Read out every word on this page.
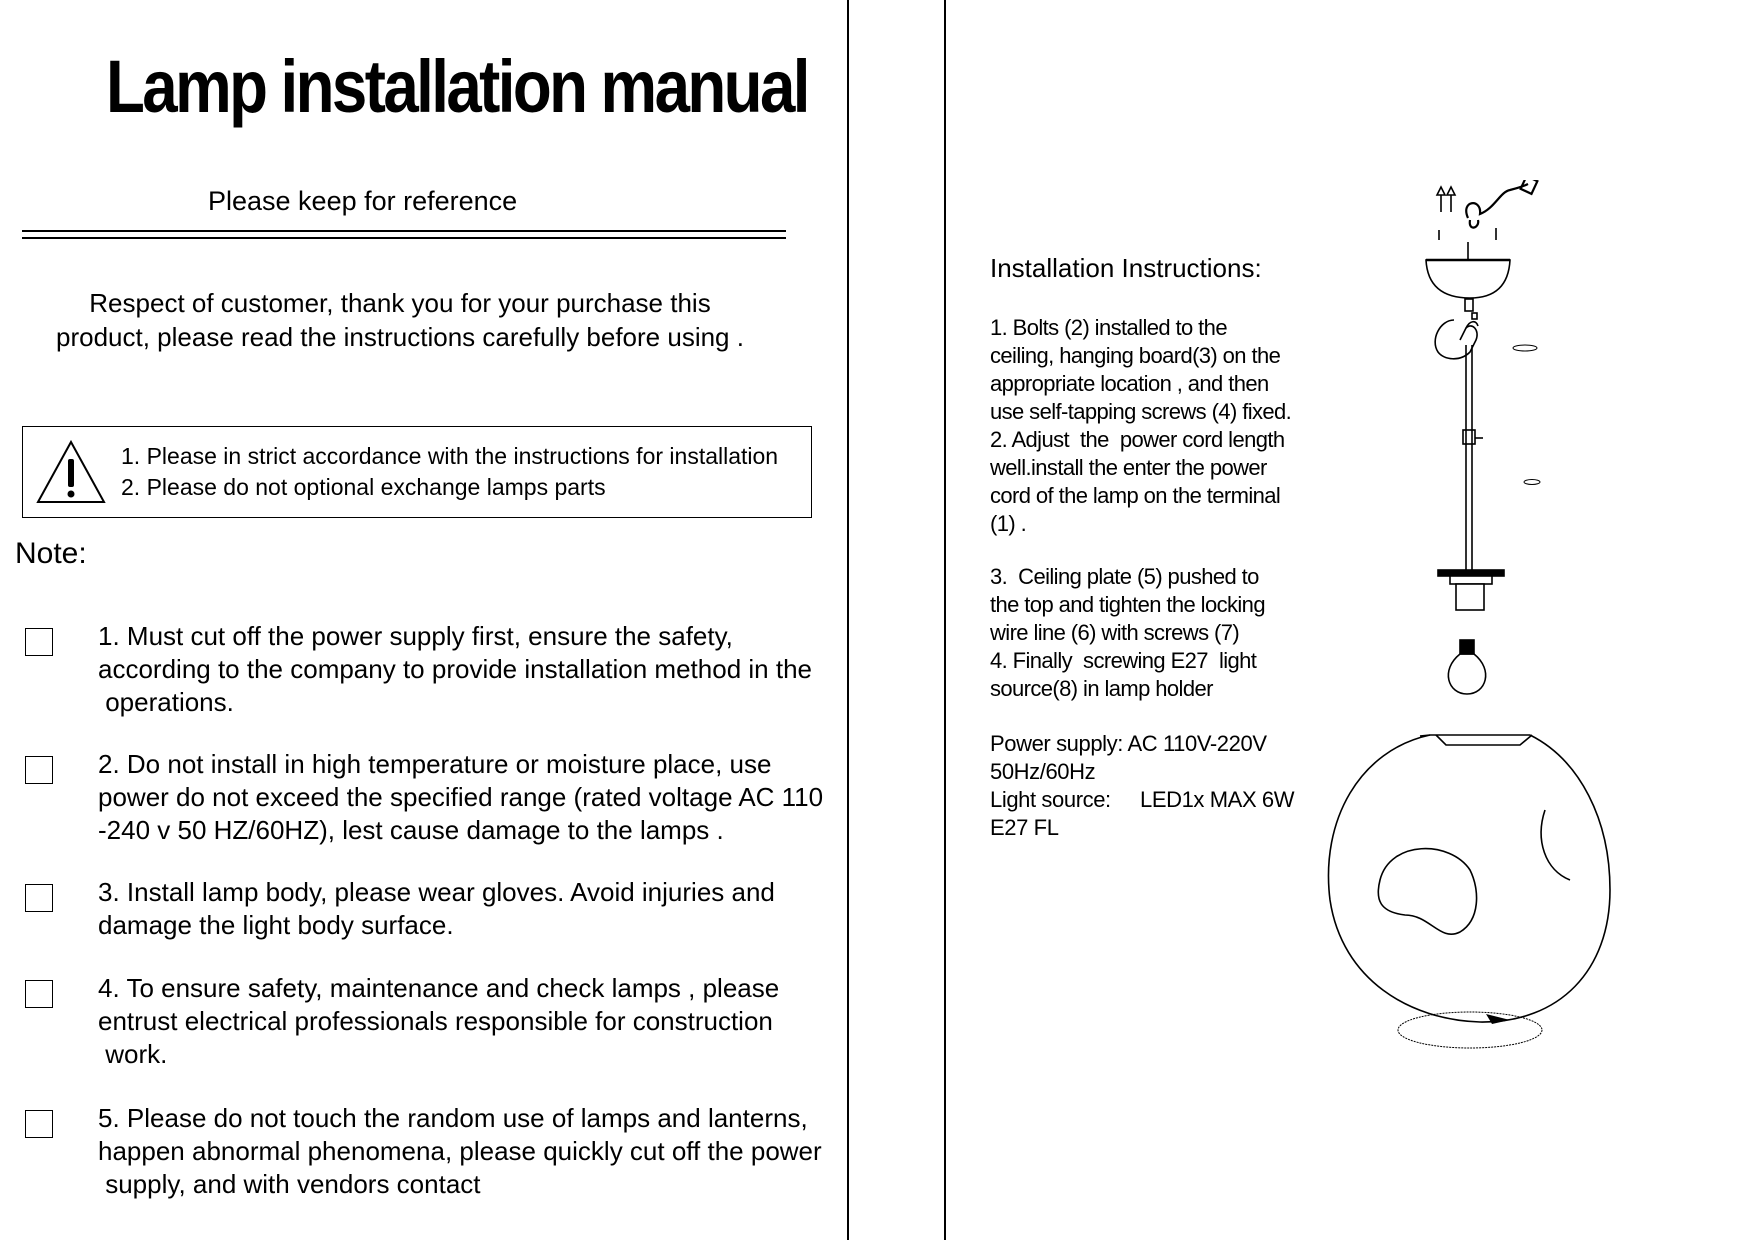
Lamp installation manual
Please keep for reference
Respect of customer, thank you for your purchase this
product, please read the instructions carefully before using .
1. Please in strict accordance with the instructions for installation
2. Please do not optional exchange lamps parts
Note:
1. Must cut off the power supply first, ensure the safety,
according to the company to provide installation method in the
operations.
2. Do not install in high temperature or moisture place, use
power do not exceed the specified range (rated voltage AC 110
-240 v 50 HZ/60HZ), lest cause damage to the lamps .
3. Install lamp body, please wear gloves. Avoid injuries and
damage the light body surface.
4. To ensure safety, maintenance and check lamps , please
entrust electrical professionals responsible for construction
work.
5. Please do not touch the random use of lamps and lanterns,
happen abnormal phenomena, please quickly cut off the power
supply, and with vendors contact
Installation Instructions:
1. Bolts (2) installed to the
ceiling, hanging board(3) on the
appropriate location , and then
use self-tapping screws (4) fixed.
2. Adjust  the  power cord length
well.install the enter the power
cord of the lamp on the terminal
(1) .
3.  Ceiling plate (5) pushed to
the top and tighten the locking
wire line (6) with screws (7)
4. Finally  screwing E27  light
source(8) in lamp holder
Power supply: AC 110V-220V
50Hz/60Hz
Light source: LED1x MAX 6W
E27 FL
